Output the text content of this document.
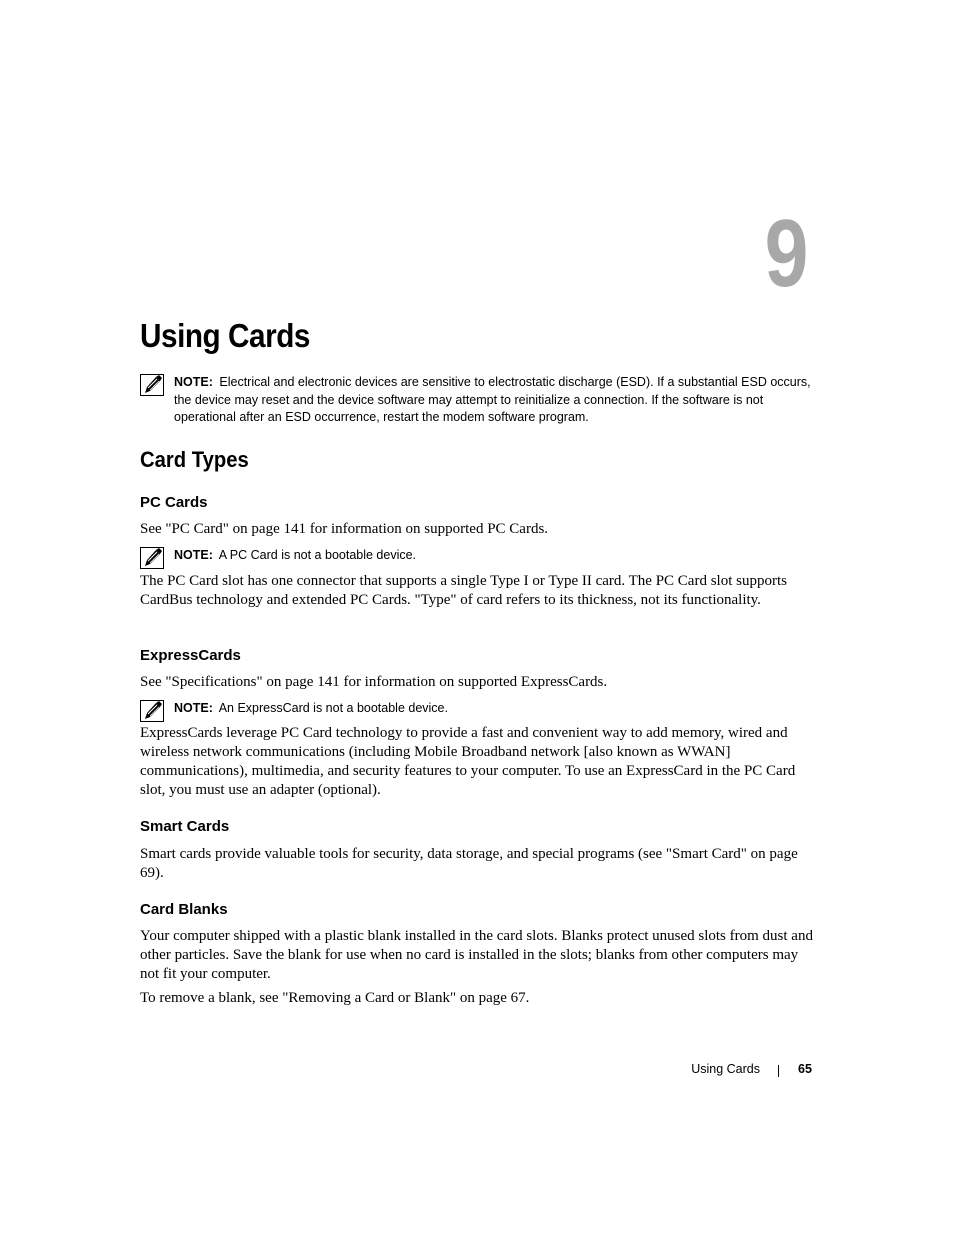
9
Using Cards
NOTE: Electrical and electronic devices are sensitive to electrostatic discharge (ESD). If a substantial ESD occurs, the device may reset and the device software may attempt to reinitialize a connection. If the software is not operational after an ESD occurrence, restart the modem software program.
Card Types
PC Cards

See "PC Card" on page 141 for information on supported PC Cards.

NOTE: A PC Card is not a bootable device.

The PC Card slot has one connector that supports a single Type I or Type II card. The PC Card slot supports CardBus technology and extended PC Cards. "Type" of card refers to its thickness, not its functionality.

ExpressCards

See "Specifications" on page 141 for information on supported ExpressCards.

NOTE: An ExpressCard is not a bootable device.

ExpressCards leverage PC Card technology to provide a fast and convenient way to add memory, wired and wireless network communications (including Mobile Broadband network [also known as WWAN] communications), multimedia, and security features to your computer. To use an ExpressCard in the PC Card slot, you must use an adapter (optional).

Smart Cards

Smart cards provide valuable tools for security, data storage, and special programs (see "Smart Card" on page 69).

Card Blanks

Your computer shipped with a plastic blank installed in the card slots. Blanks protect unused slots from dust and other particles. Save the blank for use when no card is installed in the slots; blanks from other computers may not fit your computer.

To remove a blank, see "Removing a Card or Blank" on page 67.

Using Cards	65
